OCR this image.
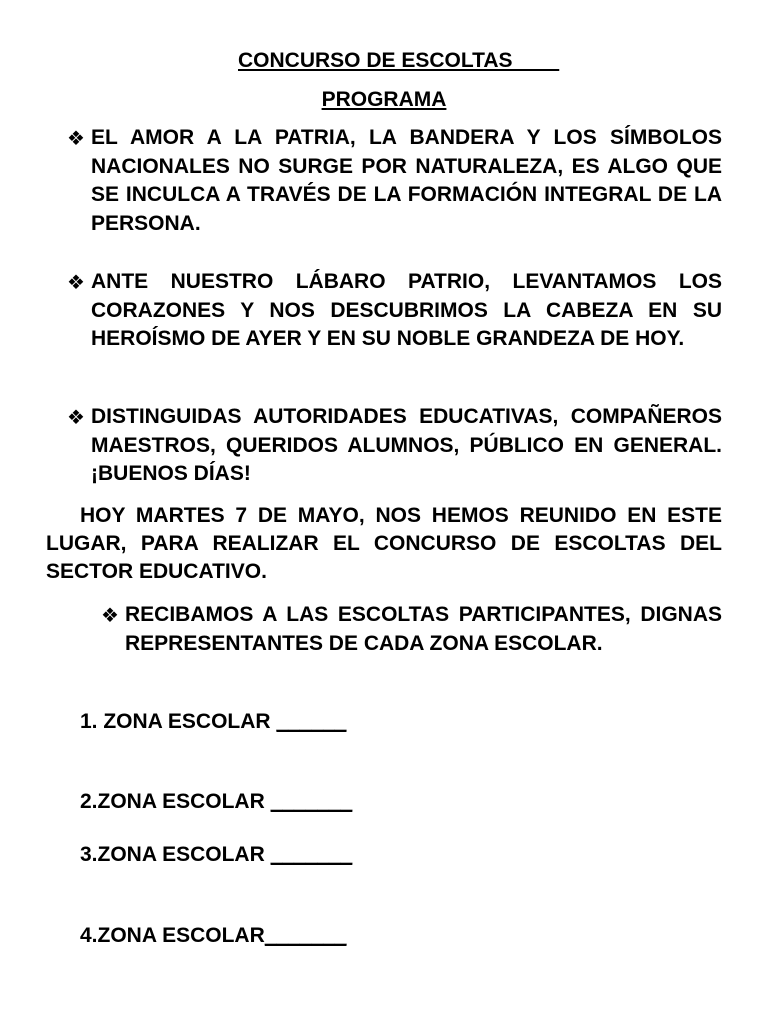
CONCURSO DE ESCOLTAS

PROGRAMA

❖ EL AMOR A LA PATRIA, LA BANDERA Y LOS SÍMBOLOS NACIONALES NO SURGE POR NATURALEZA, ES ALGO QUE SE INCULCA A TRAVÉS DE LA FORMACIÓN INTEGRAL DE LA PERSONA.

❖ ANTE NUESTRO LÁBARO PATRIO, LEVANTAMOS LOS CORAZONES Y NOS DESCUBRIMOS LA CABEZA EN SU HEROÍSMO DE AYER Y EN SU NOBLE GRANDEZA DE HOY.

❖ DISTINGUIDAS AUTORIDADES EDUCATIVAS, COMPAÑEROS MAESTROS, QUERIDOS ALUMNOS, PÚBLICO EN GENERAL. ¡BUENOS DÍAS!

HOY MARTES 7 DE MAYO, NOS HEMOS REUNIDO EN ESTE LUGAR, PARA REALIZAR EL CONCURSO DE ESCOLTAS DEL SECTOR EDUCATIVO.

❖ RECIBAMOS A LAS ESCOLTAS PARTICIPANTES, DIGNAS REPRESENTANTES DE CADA ZONA ESCOLAR.

1. ZONA ESCOLAR ______

2.ZONA ESCOLAR _______

3.ZONA ESCOLAR _______

4.ZONA ESCOLAR_______
